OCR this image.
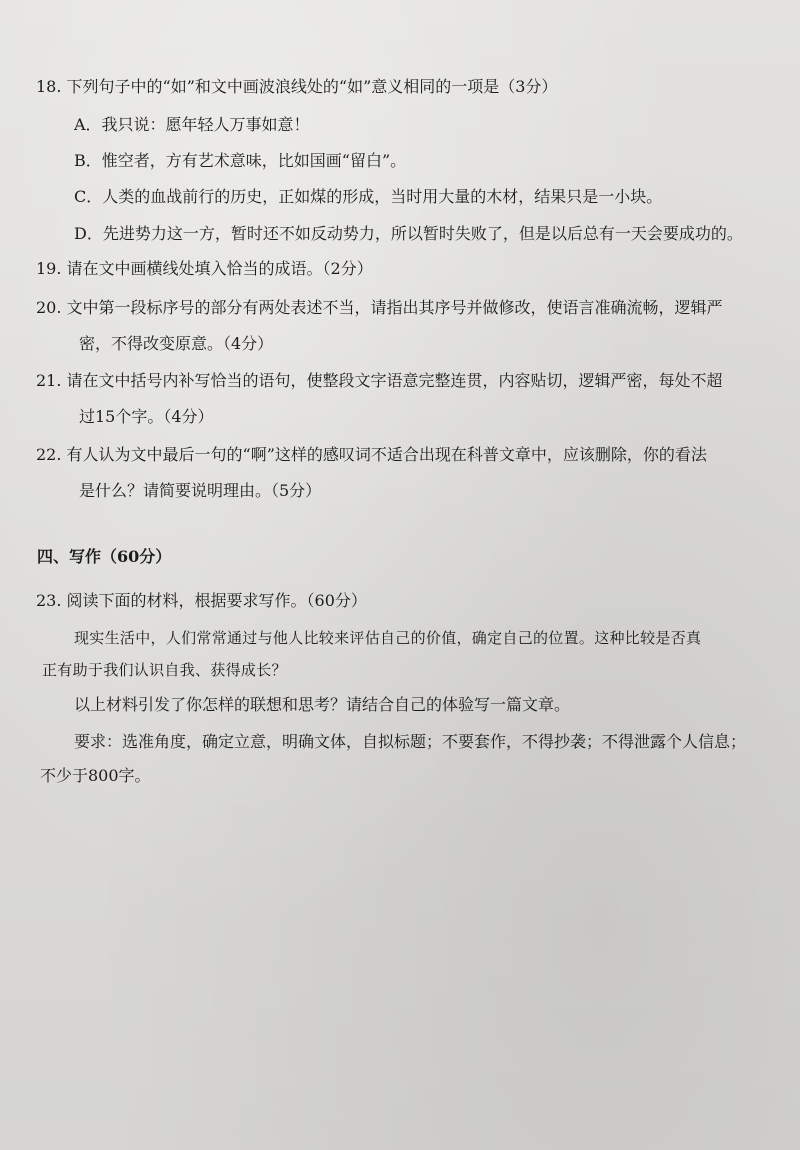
18. 下列句子中的“如”和文中画波浪线处的“如”意义相同的一项是（3分）
A．我只说：愿年轻人万事如意！
B．惟空者，方有艺术意味，比如国画“留白”。
C．人类的血战前行的历史，正如煤的形成，当时用大量的木材，结果只是一小块。
D．先进势力这一方，暂时还不如反动势力，所以暂时失败了，但是以后总有一天会要成功的。
19. 请在文中画横线处填入恰当的成语。（2分）
20. 文中第一段标序号的部分有两处表述不当，请指出其序号并做修改，使语言准确流畅，逻辑严
密，不得改变原意。（4分）
21. 请在文中括号内补写恰当的语句，使整段文字语意完整连贯，内容贴切，逻辑严密，每处不超
过15个字。（4分）
22. 有人认为文中最后一句的“啊”这样的感叹词不适合出现在科普文章中，应该删除，你的看法
是什么？请简要说明理由。（5分）
四、写作（60分）
23. 阅读下面的材料，根据要求写作。（60分）
现实生活中，人们常常通过与他人比较来评估自己的价值，确定自己的位置。这种比较是否真
正有助于我们认识自我、获得成长？
以上材料引发了你怎样的联想和思考？请结合自己的体验写一篇文章。
要求：选准角度，确定立意，明确文体，自拟标题；不要套作，不得抄袭；不得泄露个人信息；
不少于800字。
